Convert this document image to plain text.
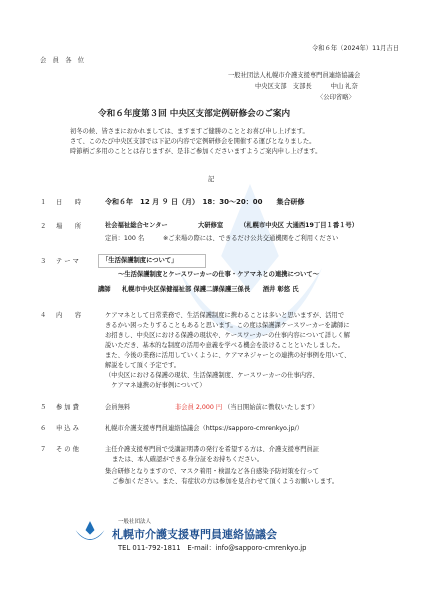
令和６年（2024年）11月吉日
会　員　各　位
一般社団法人札幌市介護支援専門員連絡協議会
中央区支部　支部長　　　中山 礼奈
〈公印省略〉
令和６年度第３回 中央区支部定例研修会のご案内
初冬の候、皆さまにおかれましては、ますますご健勝のこととお喜び申し上げます。
さて、このたび中央区支部では下記の内容で定例研修会を開催する運びとなりました。
時節柄ご多用のこととは存じますが、是非ご参加くださいますようご案内申し上げます。
記
１ 日　　時	令和６年　12 月 ９ 日（月）　18：30〜20：00　　集合研修
２ 場　　所	社会福祉総合センター	大研修室	（札幌市中央区 大通西19丁目１番１号）
定員：100 名	※ご来場の際には、できるだけ公共交通機関をご利用ください
３ テ ー マ	「生活保護制度について」
〜生活保護制度とケースワーカーの仕事・ケアマネとの連携について〜
講師 札幌市中央区保健福祉部 保護二課保護三係長　　酒井 彰悠 氏
４ 内　　容	ケアマネとして日常業務で、生活保護制度に携わることは多いと思いますが、活用で
きるかい困ったりすることもあると思います。この度は保護課ケースワーカーを講師に
お招きし、中央区における保護の現状や、ケースワーカーの仕事内容について詳しく解
説いただき、基本的な制度の活用や意義を学べる機会を設けることといたしました。
また、今後の業務に活用していくように、ケアマネジャーとの連携の好事例を用いて、
解説をして頂く予定です。
（中央区における保護の現状、生活保護制度、ケースワーカーの仕事内容、
　ケアマネ連携の好事例について）
５ 参 加 費	会員無料	非会員 2,000 円 （当日開始前に徴収いたします）
６ 申 込 み	札幌市介護支援専門員連絡協議会（https://sapporo-cmrenkyo.jp/）
７ そ の 他	主任介護支援専門員で受講証明書の発行を希望する方は、介護支援専門員証
または、本人確認ができる身分証をお持ちください。
集合研修となりますので、マスク着用・検温など各自感染予防対策を行って
ご参加ください。また、有症状の方は参加を見合わせて頂くようお願いします。
一般社団法人
札幌市介護支援専門員連絡協議会
TEL 011-792-1811　E-mail：info@sapporo-cmrenkyo.jp
